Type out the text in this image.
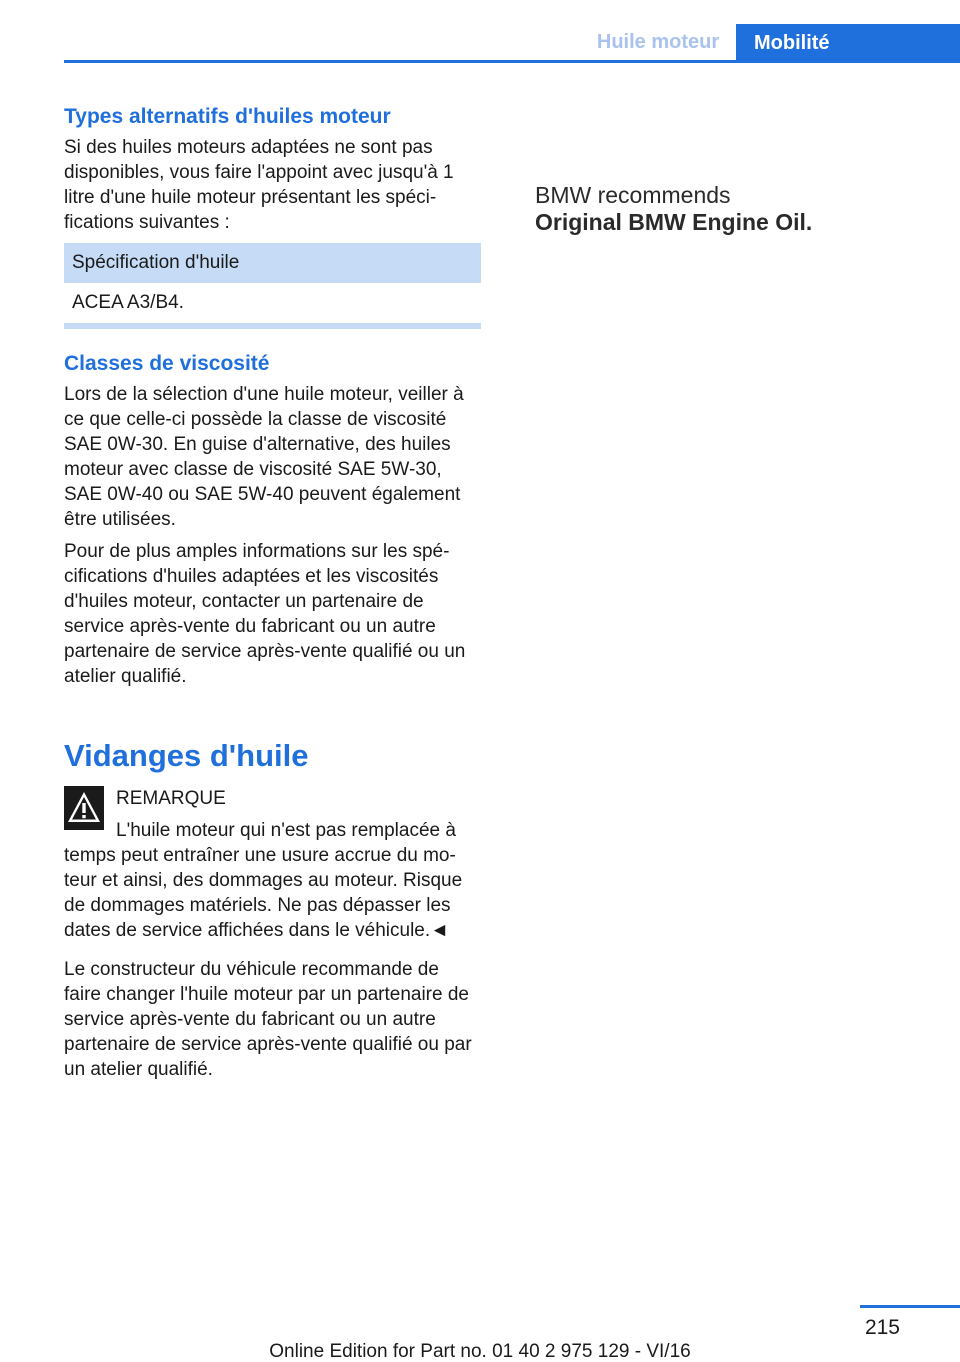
Huile moteur	Mobilité
Types alternatifs d'huiles moteur

Si des huiles moteurs adaptées ne sont pas disponibles, vous faire l'appoint avec jusqu'à 1 litre d'une huile moteur présentant les spécifications suivantes :

Spécification d'huile
ACEA A3/B4.
Classes de viscosité

Lors de la sélection d'une huile moteur, veiller à ce que celle-ci possède la classe de viscosité SAE 0W-30. En guise d'alternative, des huiles moteur avec classe de viscosité SAE 5W-30, SAE 0W-40 ou SAE 5W-40 peuvent également être utilisées.

Pour de plus amples informations sur les spécifications d'huiles adaptées et les viscosités d'huiles moteur, contacter un partenaire de service après-vente du fabricant ou un autre partenaire de service après-vente qualifié ou un atelier qualifié.

Vidanges d'huile

REMARQUE

L'huile moteur qui n'est pas remplacée à temps peut entraîner une usure accrue du moteur et ainsi, des dommages au moteur. Risque de dommages matériels. Ne pas dépasser les dates de service affichées dans le véhicule.◄

Le constructeur du véhicule recommande de faire changer l'huile moteur par un partenaire de service après-vente du fabricant ou un autre partenaire de service après-vente qualifié ou par un atelier qualifié.

BMW recommends
Original BMW Engine Oil.
215
Online Edition for Part no. 01 40 2 975 129 - VI/16
